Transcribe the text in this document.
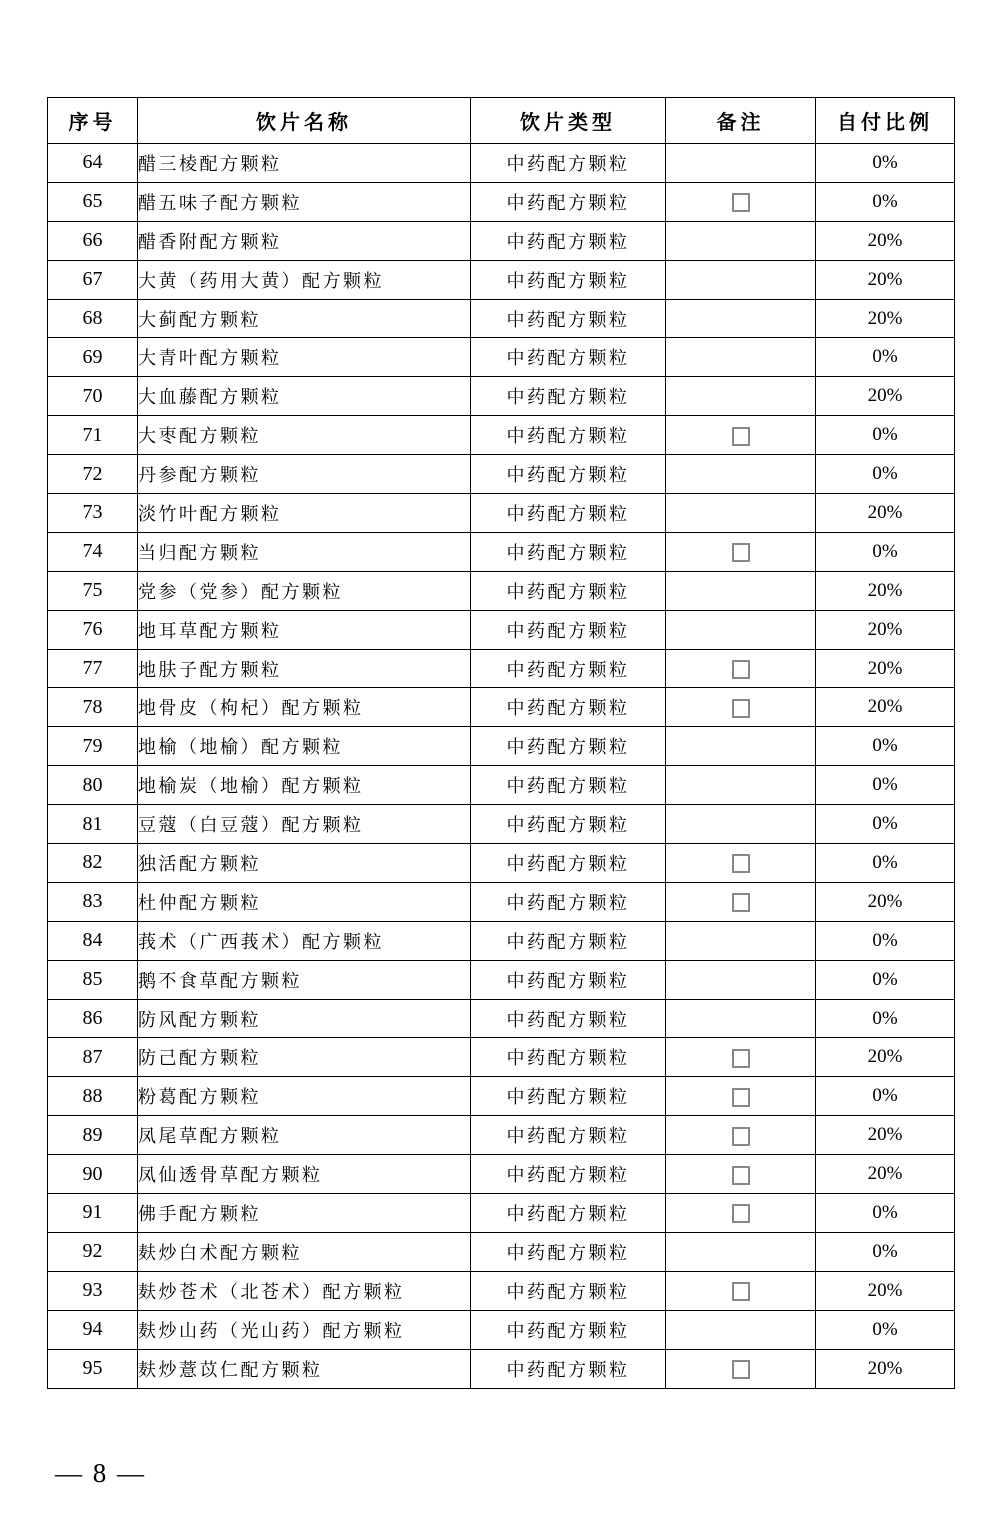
序号	饮片名称	饮片类型	备注	自付比例
64	醋三棱配方颗粒	中药配方颗粒		0%
65	醋五味子配方颗粒	中药配方颗粒		0%
66	醋香附配方颗粒	中药配方颗粒		20%
67	大黄（药用大黄）配方颗粒	中药配方颗粒		20%
68	大蓟配方颗粒	中药配方颗粒		20%
69	大青叶配方颗粒	中药配方颗粒		0%
70	大血藤配方颗粒	中药配方颗粒		20%
71	大枣配方颗粒	中药配方颗粒		0%
72	丹参配方颗粒	中药配方颗粒		0%
73	淡竹叶配方颗粒	中药配方颗粒		20%
74	当归配方颗粒	中药配方颗粒		0%
75	党参（党参）配方颗粒	中药配方颗粒		20%
76	地耳草配方颗粒	中药配方颗粒		20%
77	地肤子配方颗粒	中药配方颗粒		20%
78	地骨皮（枸杞）配方颗粒	中药配方颗粒		20%
79	地榆（地榆）配方颗粒	中药配方颗粒		0%
80	地榆炭（地榆）配方颗粒	中药配方颗粒		0%
81	豆蔻（白豆蔻）配方颗粒	中药配方颗粒		0%
82	独活配方颗粒	中药配方颗粒		0%
83	杜仲配方颗粒	中药配方颗粒		20%
84	莪术（广西莪术）配方颗粒	中药配方颗粒		0%
85	鹅不食草配方颗粒	中药配方颗粒		0%
86	防风配方颗粒	中药配方颗粒		0%
87	防己配方颗粒	中药配方颗粒		20%
88	粉葛配方颗粒	中药配方颗粒		0%
89	凤尾草配方颗粒	中药配方颗粒		20%
90	凤仙透骨草配方颗粒	中药配方颗粒		20%
91	佛手配方颗粒	中药配方颗粒		0%
92	麸炒白术配方颗粒	中药配方颗粒		0%
93	麸炒苍术（北苍术）配方颗粒	中药配方颗粒		20%
94	麸炒山药（光山药）配方颗粒	中药配方颗粒		0%
95	麸炒薏苡仁配方颗粒	中药配方颗粒		20%
— 8 —
